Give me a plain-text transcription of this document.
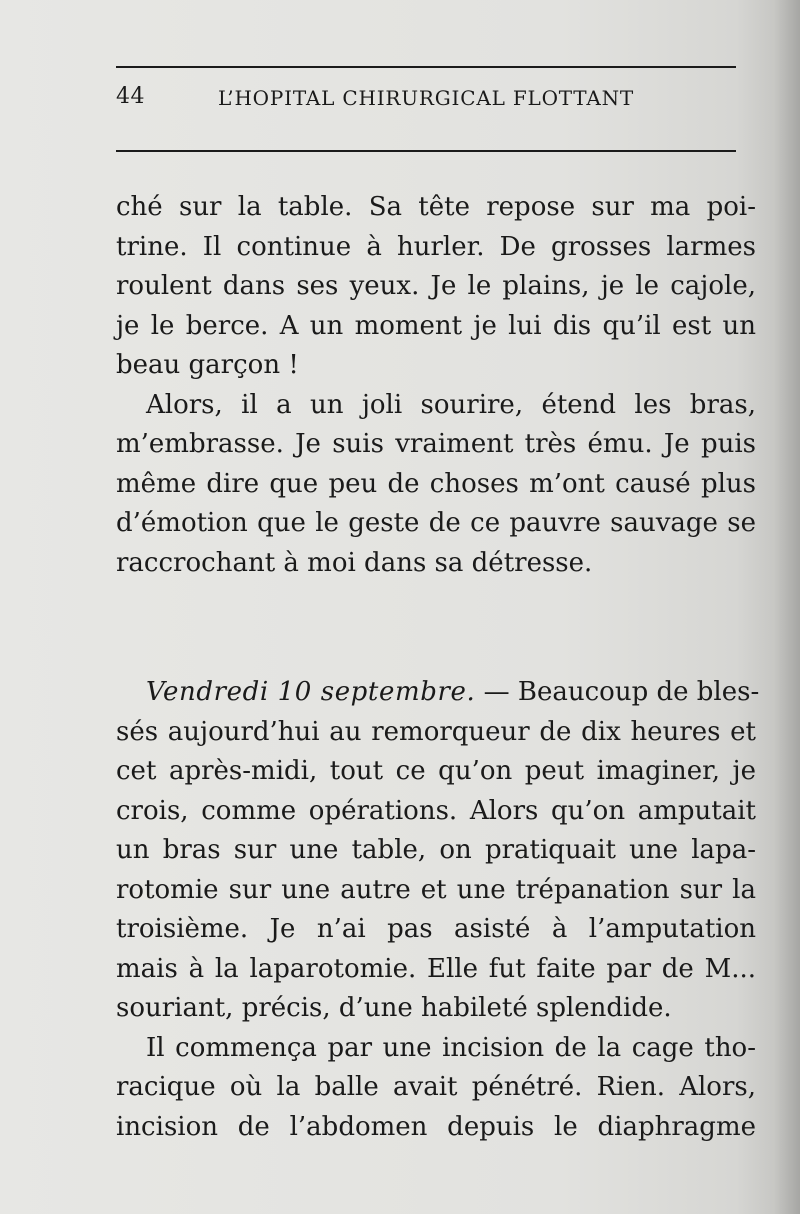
44	L’HOPITAL CHIRURGICAL FLOTTANT
ché sur la table. Sa tête repose sur ma poi-
trine. Il continue à hurler. De grosses larmes
roulent dans ses yeux. Je le plains, je le cajole,
je le berce. A un moment je lui dis qu’il est un
beau garçon !
Alors, il a un joli sourire, étend les bras,
m’embrasse. Je suis vraiment très ému. Je puis
même dire que peu de choses m’ont causé plus
d’émotion que le geste de ce pauvre sauvage se
raccrochant à moi dans sa détresse.
Vendredi 10 septembre. — Beaucoup de bles-
sés aujourd’hui au remorqueur de dix heures et
cet après-midi, tout ce qu’on peut imaginer, je
crois, comme opérations. Alors qu’on amputait
un bras sur une table, on pratiquait une lapa-
rotomie sur une autre et une trépanation sur la
troisième. Je n’ai pas asisté à l’amputation
mais à la laparotomie. Elle fut faite par de M...
souriant, précis, d’une habileté splendide.
Il commença par une incision de la cage tho-
racique où la balle avait pénétré. Rien. Alors,
incision de l’abdomen depuis le diaphragme
